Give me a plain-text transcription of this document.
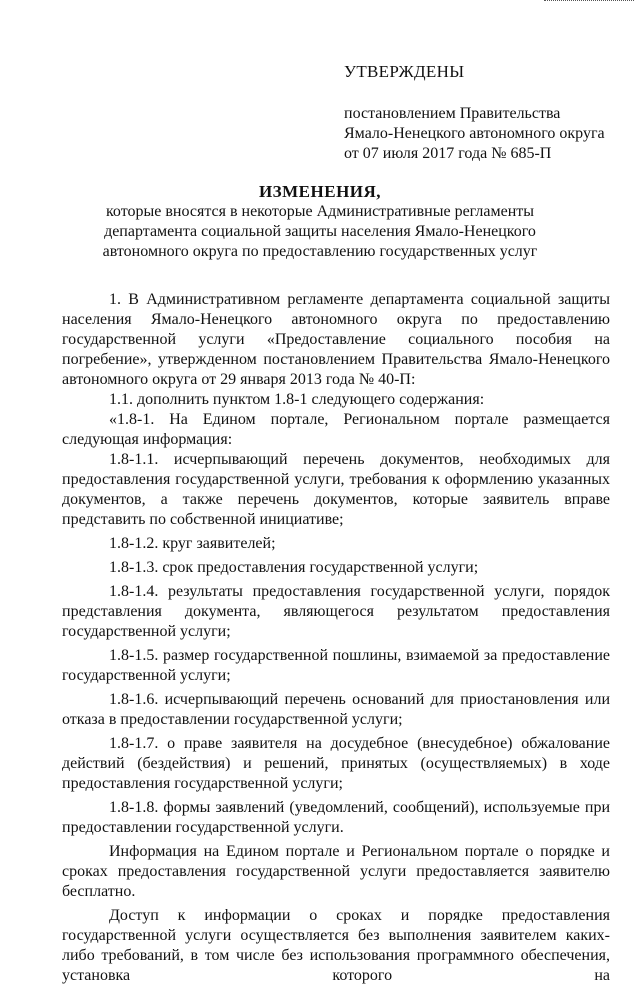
УТВЕРЖДЕНЫ
постановлением Правительства
Ямало-Ненецкого автономного округа
от 07 июля 2017 года № 685-П
ИЗМЕНЕНИЯ,
которые вносятся в некоторые Административные регламенты
департамента социальной защиты населения Ямало-Ненецкого
автономного округа по предоставлению государственных услуг

1. В Административном регламенте департамента социальной защиты населения Ямало-Ненецкого автономного округа по предоставлению государственной услуги «Предоставление социального пособия на погребение», утвержденном постановлением Правительства Ямало-Ненецкого автономного округа от 29 января 2013 года № 40-П:

1.1. дополнить пунктом 1.8-1 следующего содержания:

«1.8-1. На Едином портале, Региональном портале размещается следующая информация:

1.8-1.1. исчерпывающий перечень документов, необходимых для предоставления государственной услуги, требования к оформлению указанных документов, а также перечень документов, которые заявитель вправе представить по собственной инициативе;

1.8-1.2. круг заявителей;

1.8-1.3. срок предоставления государственной услуги;

1.8-1.4. результаты предоставления государственной услуги, порядок представления документа, являющегося результатом предоставления государственной услуги;

1.8-1.5. размер государственной пошлины, взимаемой за предоставление государственной услуги;

1.8-1.6. исчерпывающий перечень оснований для приостановления или отказа в предоставлении государственной услуги;

1.8-1.7. о праве заявителя на досудебное (внесудебное) обжалование действий (бездействия) и решений, принятых (осуществляемых) в ходе предоставления государственной услуги;

1.8-1.8. формы заявлений (уведомлений, сообщений), используемые при предоставлении государственной услуги.

Информация на Едином портале и Региональном портале о порядке и сроках предоставления государственной услуги предоставляется заявителю бесплатно.

Доступ к информации о сроках и порядке предоставления государственной услуги осуществляется без выполнения заявителем каких-либо требований, в том числе без использования программного обеспечения, установка которого на
